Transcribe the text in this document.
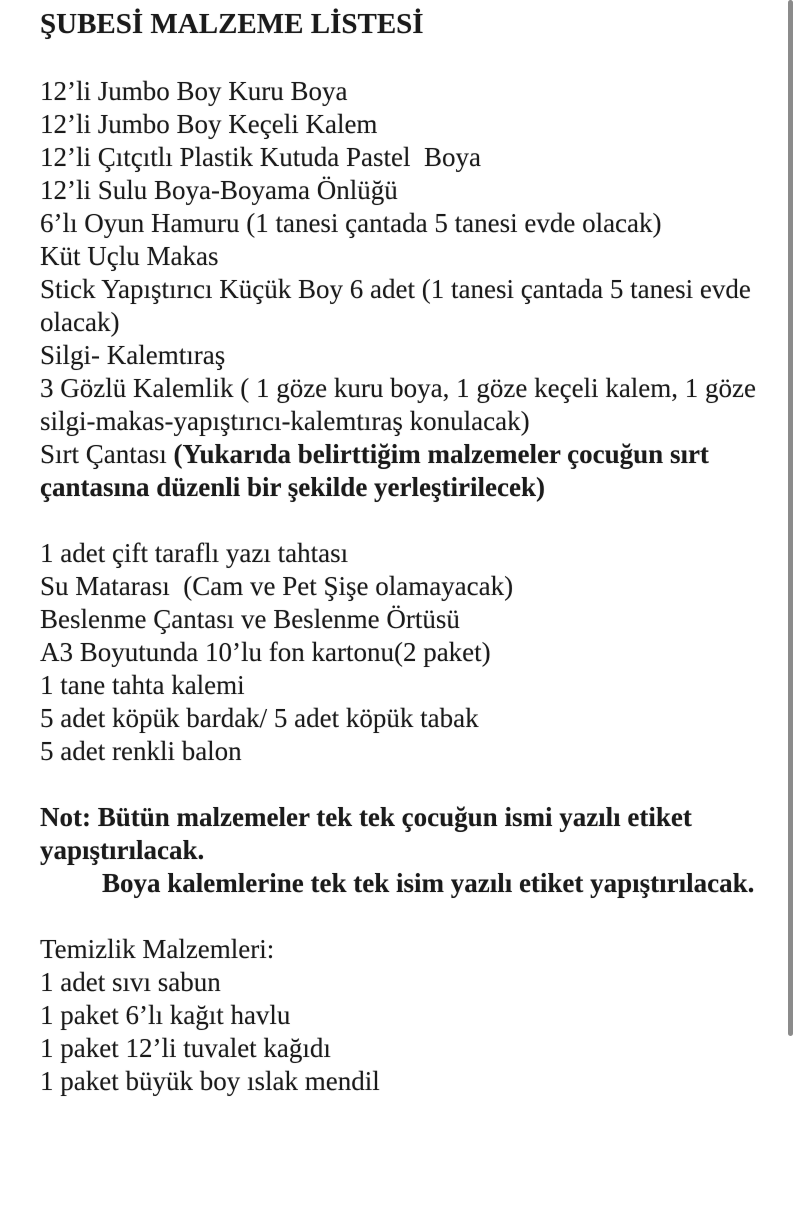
ŞUBESİ MALZEME LİSTESİ
12’li Jumbo Boy Kuru Boya
12’li Jumbo Boy Keçeli Kalem
12’li Çıtçıtlı Plastik Kutuda Pastel  Boya
12’li Sulu Boya-Boyama Önlüğü
6’lı Oyun Hamuru (1 tanesi çantada 5 tanesi evde olacak)
Küt Uçlu Makas
Stick Yapıştırıcı Küçük Boy 6 adet (1 tanesi çantada 5 tanesi evde olacak)
Silgi- Kalemtıraş
3 Gözlü Kalemlik ( 1 göze kuru boya, 1 göze keçeli kalem, 1 göze silgi-makas-yapıştırıcı-kalemtıraş konulacak)
Sırt Çantası (Yukarıda belirttiğim malzemeler çocuğun sırt çantasına düzenli bir şekilde yerleştirilecek)
1 adet çift taraflı yazı tahtası
Su Matarası  (Cam ve Pet Şişe olamayacak)
Beslenme Çantası ve Beslenme Örtüsü
A3 Boyutunda 10’lu fon kartonu(2 paket)
1 tane tahta kalemi
5 adet köpük bardak/ 5 adet köpük tabak
5 adet renkli balon
Not: Bütün malzemeler tek tek çocuğun ismi yazılı etiket yapıştırılacak.
Boya kalemlerine tek tek isim yazılı etiket yapıştırılacak.
Temizlik Malzemleri:
1 adet sıvı sabun
1 paket 6’lı kağıt havlu
1 paket 12’li tuvalet kağıdı
1 paket büyük boy ıslak mendil
